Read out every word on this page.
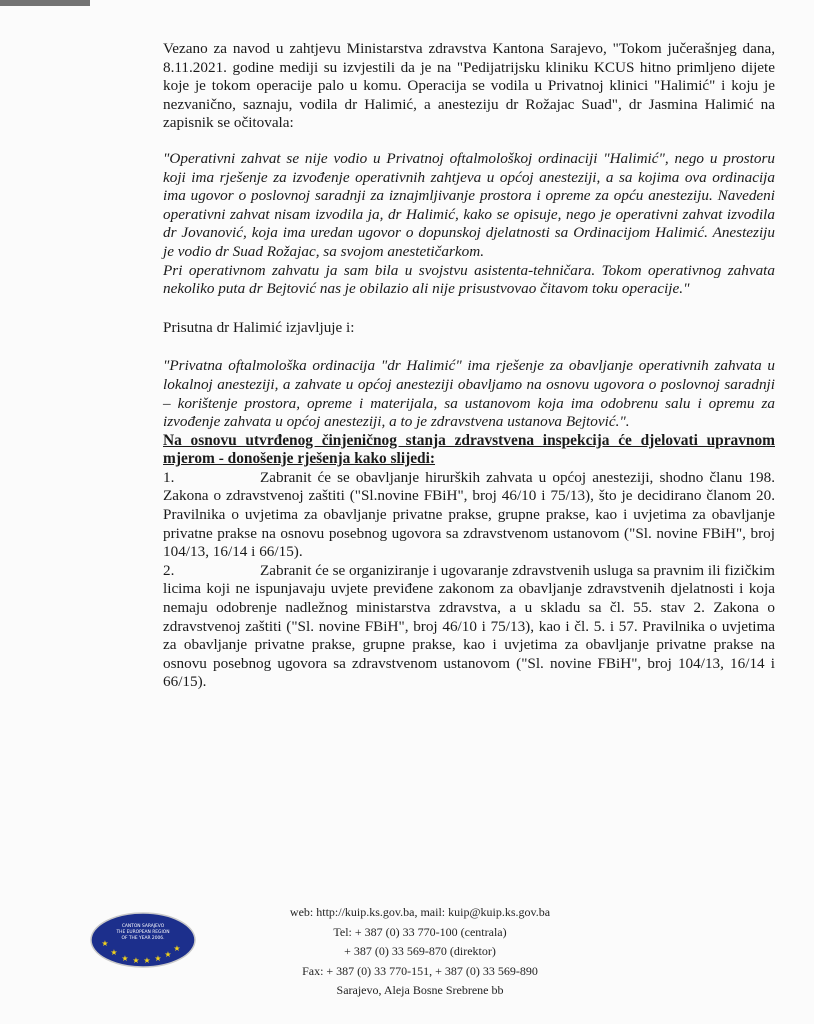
Vezano za navod u zahtjevu Ministarstva zdravstva Kantona Sarajevo, "Tokom jučerašnjeg dana, 8.11.2021. godine mediji su izvjestili da je na "Pedijatrijsku kliniku KCUS hitno primljeno dijete koje je tokom operacije palo u komu. Operacija se vodila u Privatnoj klinici "Halimić" i koju je nezvanično, saznaju, vodila dr Halimić, a anesteziju dr Rožajac Suad", dr Jasmina Halimić na zapisnik se očitovala:

"Operativni zahvat se nije vodio u Privatnoj oftalmološkoj ordinaciji "Halimić", nego u prostoru koji ima rješenje za izvođenje operativnih zahtjeva u općoj anesteziji, a sa kojima ova ordinacija ima ugovor o poslovnoj saradnji za iznajmljivanje prostora i opreme za opću anesteziju. Navedeni operativni zahvat nisam izvodila ja, dr Halimić, kako se opisuje, nego je operativni zahvat izvodila dr Jovanović, koja ima uredan ugovor o dopunskoj djelatnosti sa Ordinacijom Halimić. Anesteziju je vodio dr Suad Rožajac, sa svojom anestetičarkom.

Pri operativnom zahvatu ja sam bila u svojstvu asistenta-tehničara. Tokom operativnog zahvata nekoliko puta dr Bejtović nas je obilazio ali nije prisustvovao čitavom toku operacije."

Prisutna dr Halimić izjavljuje i:

"Privatna oftalmološka ordinacija "dr Halimić" ima rješenje za obavljanje operativnih zahvata u lokalnoj anesteziji, a zahvate u općoj anesteziji obavljamo na osnovu ugovora o poslovnoj saradnji – korištenje prostora, opreme i materijala, sa ustanovom koja ima odobrenu salu i opremu za izvođenje zahvata u općoj anesteziji, a to je zdravstvena ustanova Bejtović.".

Na osnovu utvrđenog činjeničnog stanja zdravstvena inspekcija će djelovati upravnom mjerom - donošenje rješenja kako slijedi:

1.	Zabranit će se obavljanje hirurških zahvata u općoj anesteziji, shodno članu 198. Zakona o zdravstvenoj zaštiti ("Sl.novine FBiH", broj 46/10 i 75/13), što je decidirano članom 20. Pravilnika o uvjetima za obavljanje privatne prakse, grupne prakse, kao i uvjetima za obavljanje privatne prakse na osnovu posebnog ugovora sa zdravstvenom ustanovom ("Sl. novine FBiH", broj 104/13, 16/14 i 66/15).

2.	Zabranit će se organiziranje i ugovaranje zdravstvenih usluga sa pravnim ili fizičkim licima koji ne ispunjavaju uvjete previđene zakonom za obavljanje zdravstvenih djelatnosti i koja nemaju odobrenje nadležnog ministarstva zdravstva, a u skladu sa čl. 55. stav 2. Zakona o zdravstvenoj zaštiti ("Sl. novine FBiH", broj 46/10 i 75/13), kao i čl. 5. i 57. Pravilnika o uvjetima za obavljanje privatne prakse, grupne prakse, kao i uvjetima za obavljanje privatne prakse na osnovu posebnog ugovora sa zdravstvenom ustanovom ("Sl. novine FBiH", broj 104/13, 16/14 i 66/15).

CANTON SARAJEVO
THE EUROPEAN REGION
OF THE YEAR 2006.
★
★
★ ★ ★ ★ ★
★
web: http://kuip.ks.gov.ba, mail: kuip@kuip.ks.gov.ba
Tel: + 387 (0) 33 770-100 (centrala)
+ 387 (0) 33 569-870 (direktor)
Fax: + 387 (0) 33 770-151, + 387 (0) 33 569-890
Sarajevo, Aleja Bosne Srebrene bb
